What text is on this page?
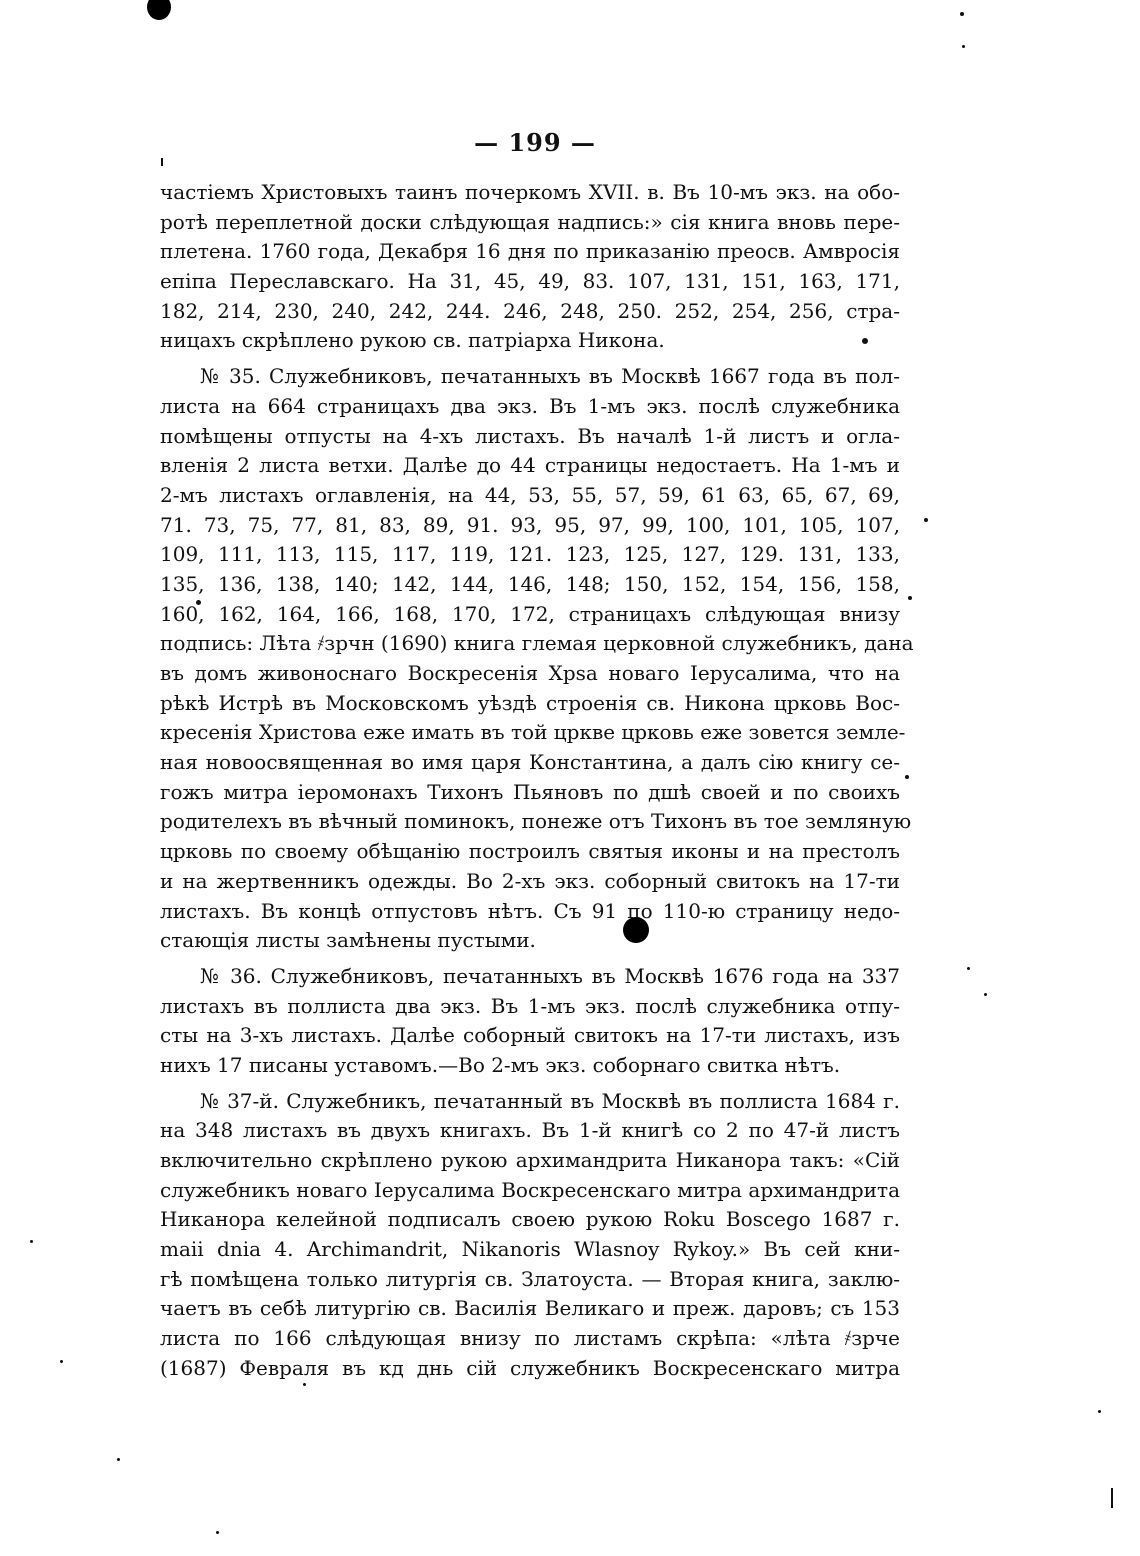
— 199 —
частіемъ Христовыхъ таинъ почеркомъ XVII. в. Въ 10-мъ экз. на обо-
ротѣ переплетной доски слѣдующая надпись:» сія книга вновь пере-
плетена. 1760 года, Декабря 16 дня по приказанію преосв. Амвросія
епіпа Переславскаго. На 31, 45, 49, 83. 107, 131, 151, 163, 171,
182, 214, 230, 240, 242, 244. 246, 248, 250. 252, 254, 256, стра-
ницахъ скрѣплено рукою св. патріарха Никона.
№ 35. Служебниковъ, печатанныхъ въ Москвѣ 1667 года въ пол-
листа на 664 страницахъ два экз. Въ 1-мъ экз. послѣ служебника
помѣщены отпусты на 4-хъ листахъ. Въ началѣ 1-й листъ и огла-
вленія 2 листа ветхи. Далѣе до 44 страницы недостаетъ. На 1-мъ и
2-мъ листахъ оглавленія, на 44, 53, 55, 57, 59, 61 63, 65, 67, 69,
71. 73, 75, 77, 81, 83, 89, 91. 93, 95, 97, 99, 100, 101, 105, 107,
109, 111, 113, 115, 117, 119, 121. 123, 125, 127, 129. 131, 133,
135, 136, 138, 140; 142, 144, 146, 148; 150, 152, 154, 156, 158,
160, 162, 164, 166, 168, 170, 172, страницахъ слѣдующая внизу
подпись: Лѣта ҂зрчн (1690) книга глемая церковной служебникъ, дана
въ домъ живоноснаго Воскресенія Хрѕа новаго Іерусалима, что на
рѣкѣ Истрѣ въ Московскомъ уѣздѣ строенія св. Никона црковь Вос-
кресенія Христова еже имать въ той црквe црковь еже зовется земле-
ная новоосвященная во имя царя Константина, а далъ сію книгу се-
гожъ митрa іеромонахъ Тихонъ Пьяновъ по дшѣ своей и по своихъ
родителехъ въ вѣчный поминокъ, понеже отъ Тихонъ въ тое земляную
црковь по своему обѣщанію построилъ святыя иконы и на престолъ
и на жертвенникъ одежды. Во 2-хъ экз. соборный свитокъ на 17-ти
листахъ. Въ концѣ отпустовъ нѣтъ. Съ 91 по 110-ю страницу недо-
стающія листы замѣнены пустыми.
№ 36. Служебниковъ, печатанныхъ въ Москвѣ 1676 года на 337
листахъ въ поллиста два экз. Въ 1-мъ экз. послѣ служебника отпу-
сты на 3-хъ листахъ. Далѣе соборный свитокъ на 17-ти листахъ, изъ
нихъ 17 писаны уставомъ.—Во 2-мъ экз. соборнаго свитка нѣтъ.
№ 37-й. Служебникъ, печатанный въ Москвѣ въ поллиста 1684 г.
на 348 листахъ въ двухъ книгахъ. Въ 1-й книгѣ со 2 по 47-й листъ
включительно скрѣплено рукою архимандрита Никанора такъ: «Сій
служебникъ новаго Іерусалима Воскресенскаго митрa архимандрита
Никанора келейной подписалъ своею рукою Roku Boscego 1687 г.
maii dnia 4. Archimandrit, Nikanoris Wlasnoy Rykoy.» Въ сей кни-
гѣ помѣщена только литургія св. Златоуста. — Вторая книга, заклю-
чаетъ въ себѣ литургію св. Василія Великаго и преж. даровъ; съ 153
листа по 166 слѣдующая внизу по листамъ скрѣпа: «лѣта ҂зрче
(1687) Февраля въ кд днь сій служебникъ Воскресенскаго митрa
